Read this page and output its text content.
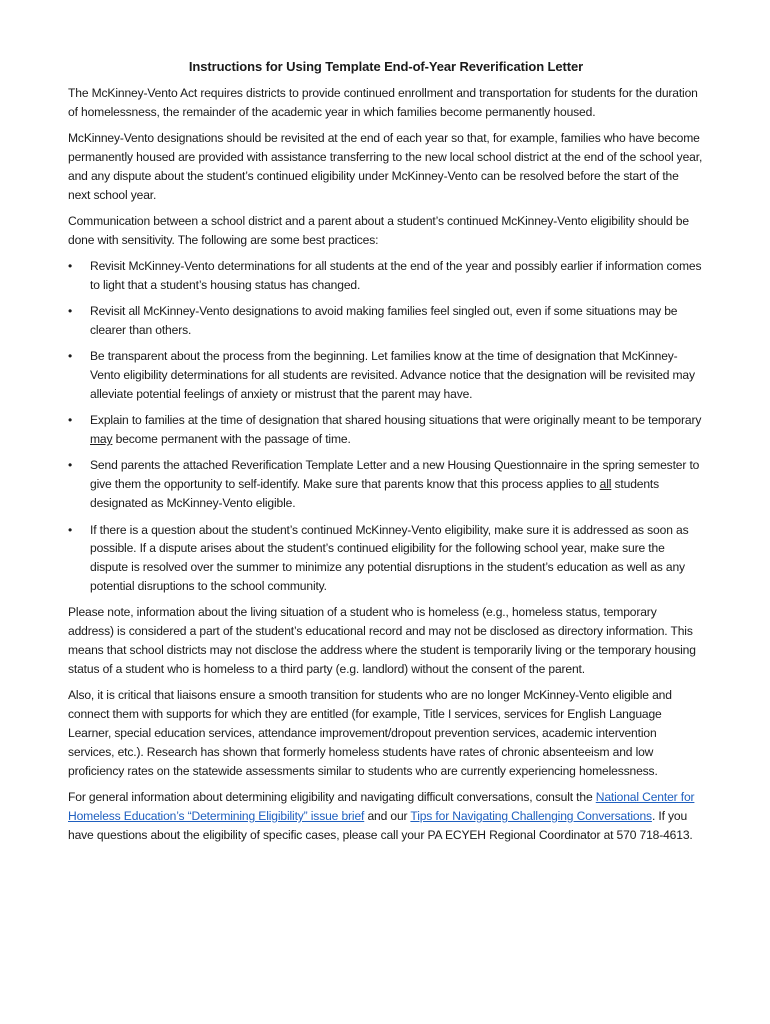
Instructions for Using Template End-of-Year Reverification Letter

The McKinney-Vento Act requires districts to provide continued enrollment and transportation for students for the duration of homelessness, the remainder of the academic year in which families become permanently housed.

McKinney-Vento designations should be revisited at the end of each year so that, for example, families who have become permanently housed are provided with assistance transferring to the new local school district at the end of the school year, and any dispute about the student’s continued eligibility under McKinney-Vento can be resolved before the start of the next school year.

Communication between a school district and a parent about a student’s continued McKinney-Vento eligibility should be done with sensitivity. The following are some best practices:

•	Revisit McKinney-Vento determinations for all students at the end of the year and possibly earlier if information comes to light that a student’s housing status has changed.
•	Revisit all McKinney-Vento designations to avoid making families feel singled out, even if some situations may be clearer than others.
•	Be transparent about the process from the beginning. Let families know at the time of designation that McKinney-Vento eligibility determinations for all students are revisited. Advance notice that the designation will be revisited may alleviate potential feelings of anxiety or mistrust that the parent may have.
•	Explain to families at the time of designation that shared housing situations that were originally meant to be temporary may become permanent with the passage of time.
•	Send parents the attached Reverification Template Letter and a new Housing Questionnaire in the spring semester to give them the opportunity to self-identify. Make sure that parents know that this process applies to all students designated as McKinney-Vento eligible.
•	If there is a question about the student’s continued McKinney-Vento eligibility, make sure it is addressed as soon as possible. If a dispute arises about the student’s continued eligibility for the following school year, make sure the dispute is resolved over the summer to minimize any potential disruptions in the student’s education as well as any potential disruptions to the school community.

Please note, information about the living situation of a student who is homeless (e.g., homeless status, temporary address) is considered a part of the student’s educational record and may not be disclosed as directory information. This means that school districts may not disclose the address where the student is temporarily living or the temporary housing status of a student who is homeless to a third party (e.g. landlord) without the consent of the parent.

Also, it is critical that liaisons ensure a smooth transition for students who are no longer McKinney-Vento eligible and connect them with supports for which they are entitled (for example, Title I services, services for English Language Learner, special education services, attendance improvement/dropout prevention services, academic intervention services, etc.). Research has shown that formerly homeless students have rates of chronic absenteeism and low proficiency rates on the statewide assessments similar to students who are currently experiencing homelessness.

For general information about determining eligibility and navigating difficult conversations, consult the National Center for Homeless Education’s “Determining Eligibility” issue brief and our Tips for Navigating Challenging Conversations. If you have questions about the eligibility of specific cases, please call your PA ECYEH Regional Coordinator at 570 718-4613.
